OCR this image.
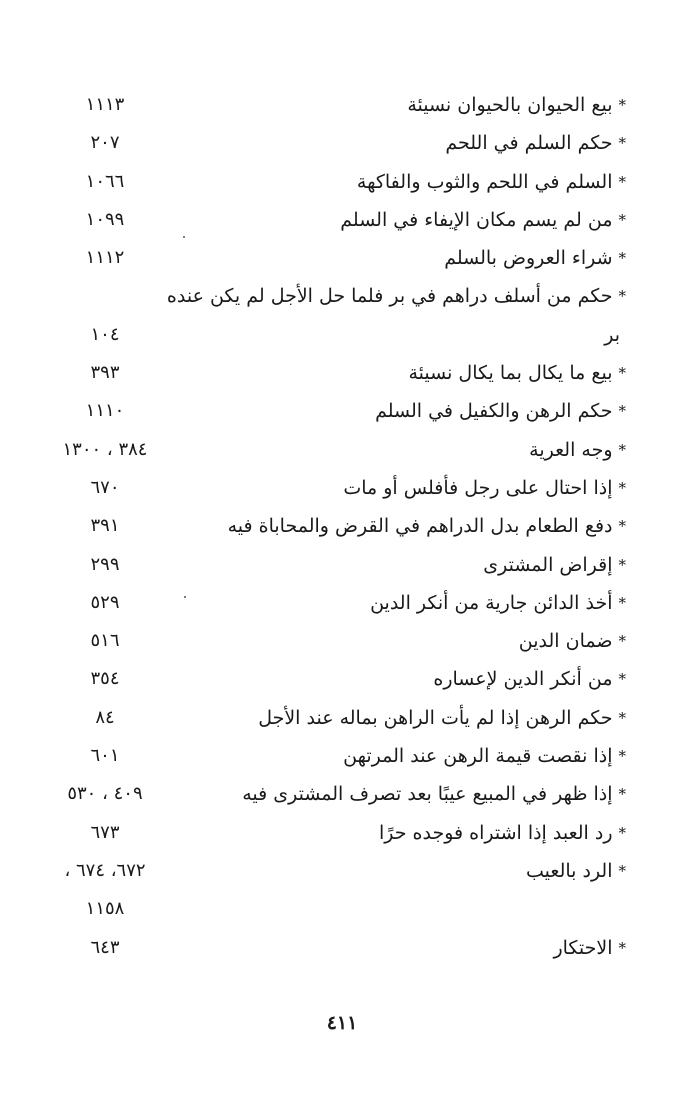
*بيع الحيوان بالحيوان نسيئة
١١١٣
*حكم السلم في اللحم
٢٠٧
*السلم في اللحم والثوب والفاكهة
١٠٦٦
*من لم يسم مكان الإيفاء في السلم
١٠٩٩
*شراء العروض بالسلم
١١١٢
*حكم من أسلف دراهم في بر فلما حل الأجل لم يكن عنده
بر
١٠٤
*بيع ما يكال بما يكال نسيئة
٣٩٣
*حكم الرهن والكفيل في السلم
١١١٠
*وجه العرية
٣٨٤ ، ١٣٠٠
*إذا احتال على رجل فأفلس أو مات
٦٧٠
*دفع الطعام بدل الدراهم في القرض والمحاباة فيه
٣٩١
*إقراض المشترى
٢٩٩
*أخذ الدائن جارية من أنكر الدين
٥٢٩
*ضمان الدين
٥١٦
*من أنكر الدين لإعساره
٣٥٤
*حكم الرهن إذا لم يأت الراهن بماله عند الأجل
٨٤
*إذا نقصت قيمة الرهن عند المرتهن
٦٠١
*إذا ظهر في المبيع عيبًا بعد تصرف المشترى فيه
٤٠٩ ، ٥٣٠
*رد العبد إذا اشتراه فوجده حرًا
٦٧٣
*الرد بالعيب
٦٧٢، ٦٧٤ ،
١١٥٨
*الاحتكار
٦٤٣
٤١١
